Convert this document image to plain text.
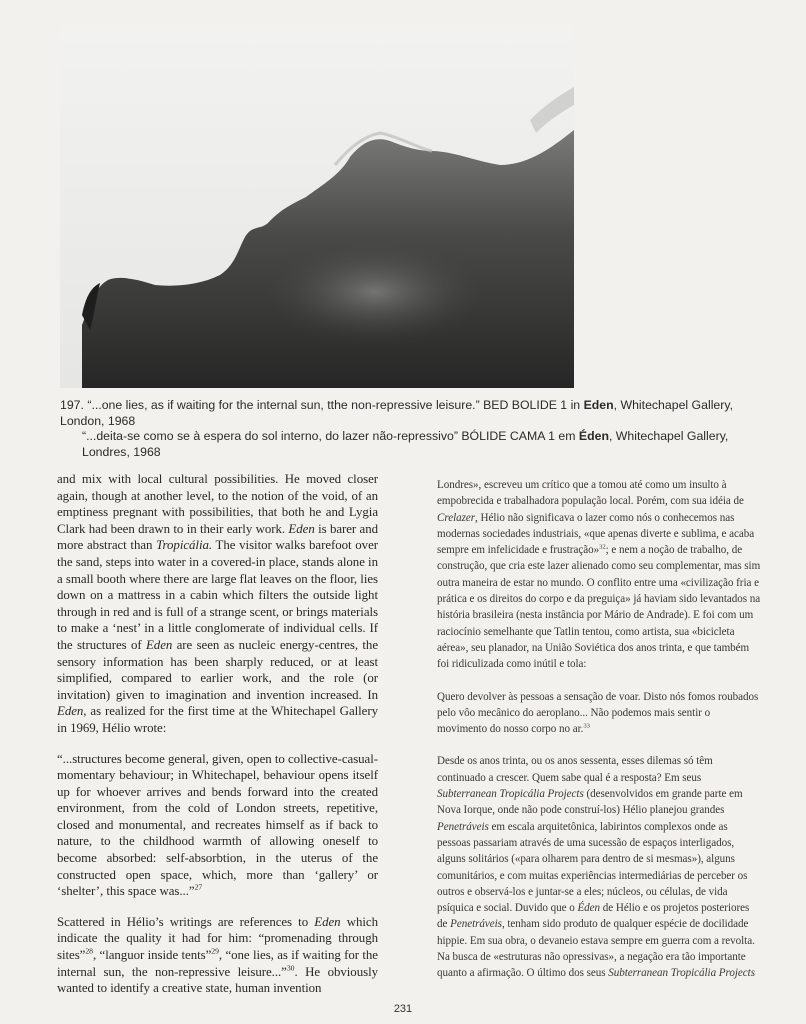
197. “...one lies, as if waiting for the internal sun, tthe non-repressive leisure.” BED BOLIDE 1 in Eden, Whitechapel Gallery, London, 1968

“...deita-se como se à espera do sol interno, do lazer não-repressivo” BÓLIDE CAMA 1 em Éden, Whitechapel Gallery, Londres, 1968

and mix with local cultural possibilities. He moved closer again, though at another level, to the notion of the void, of an emptiness pregnant with possibilities, that both he and Lygia Clark had been drawn to in their early work. Eden is barer and more abstract than Tropicália. The visitor walks barefoot over the sand, steps into water in a covered-in place, stands alone in a small booth where there are large flat leaves on the floor, lies down on a mattress in a cabin which filters the outside light through in red and is full of a strange scent, or brings materials to make a ‘nest’ in a little conglomerate of individual cells. If the structures of Eden are seen as nucleic energy-centres, the sensory information has been sharply reduced, or at least simplified, compared to earlier work, and the role (or invitation) given to imagination and invention increased. In Eden, as realized for the first time at the Whitechapel Gallery in 1969, Hélio wrote:

“...structures become general, given, open to collective-casual-momentary behaviour; in Whitechapel, behaviour opens itself up for whoever arrives and bends forward into the created environment, from the cold of London streets, repetitive, closed and monumental, and recreates himself as if back to nature, to the childhood warmth of allowing oneself to become absorbed: self-absorbtion, in the uterus of the constructed open space, which, more than ‘gallery’ or ‘shelter’, this space was...”$^{27}$

Scattered in Hélio’s writings are references to Eden which indicate the quality it had for him: “promenading through sites”$^{28}$, “languor inside tents”$^{29}$, “one lies, as if waiting for the internal sun, the non-repressive leisure...”$^{30}$. He obviously wanted to identify a creative state, human invention

Londres», escreveu um crítico que a tomou até como um insulto à empobrecida e trabalhadora população local. Porém, com sua idéia de Crelazer, Hélio não significava o lazer como nós o conhecemos nas modernas sociedades industriais, «que apenas diverte e sublima, e acaba sempre em infelicidade e frustração»$^{32}$; e nem a noção de trabalho, de construção, que cria este lazer alienado como seu complementar, mas sim outra maneira de estar no mundo. O conflito entre uma «civilização fria e prática e os direitos do corpo e da preguiça» já haviam sido levantados na história brasileira (nesta instância por Mário de Andrade). E foi com um raciocínio semelhante que Tatlin tentou, como artista, sua «bicicleta aérea», seu planador, na União Soviética dos anos trinta, e que também foi ridiculizada como inútil e tola:

Quero devolver às pessoas a sensação de voar. Disto nós fomos roubados pelo vôo mecânico do aeroplano... Não podemos mais sentir o movimento do nosso corpo no ar.$^{33}$

Desde os anos trinta, ou os anos sessenta, esses dilemas só têm continuado a crescer. Quem sabe qual é a resposta? Em seus Subterranean Tropicália Projects (desenvolvidos em grande parte em Nova Iorque, onde não pode construí-los) Hélio planejou grandes Penetráveis em escala arquitetônica, labirintos complexos onde as pessoas passariam através de uma sucessão de espaços interligados, alguns solitários («para olharem para dentro de si mesmas»), alguns comunitários, e com muitas experiências intermediárias de perceber os outros e observá-los e juntar-se a eles; núcleos, ou células, de vida psíquica e social. Duvido que o Éden de Hélio e os projetos posteriores de Penetráveis, tenham sido produto de qualquer espécie de docilidade hippie. Em sua obra, o devaneio estava sempre em guerra com a revolta. Na busca de «estruturas não opressivas», a negação era tão importante quanto a afirmação. O último dos seus Subterranean Tropicália Projects

231
